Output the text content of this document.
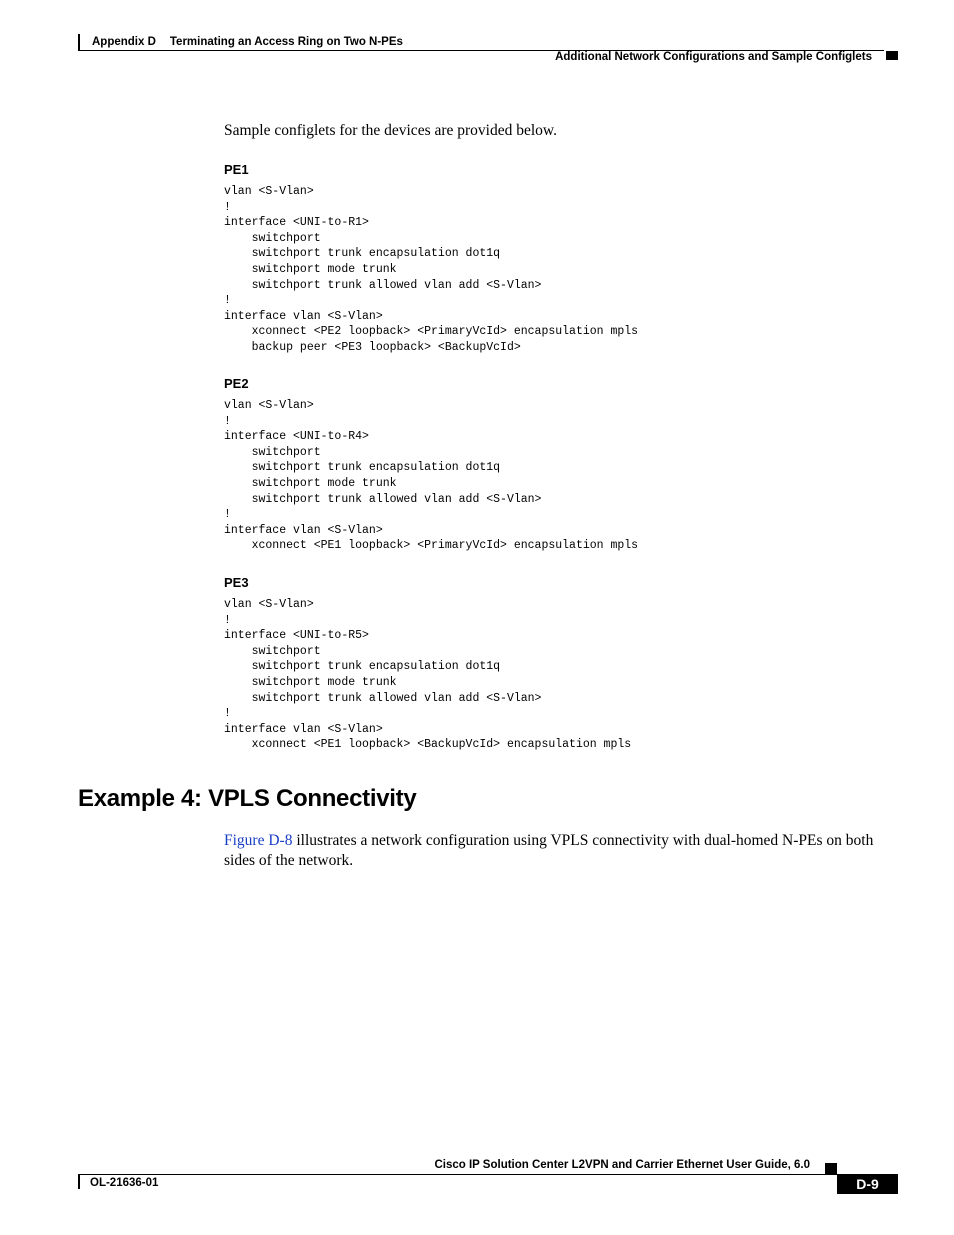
Appendix D Terminating an Access Ring on Two N-PEs
Additional Network Configurations and Sample Configlets
Sample configlets for the devices are provided below.
PE1
vlan <S-Vlan>
!
interface <UNI-to-R1>
switchport
switchport trunk encapsulation dot1q
switchport mode trunk
switchport trunk allowed vlan add <S-Vlan>
!
interface vlan <S-Vlan>
xconnect <PE2 loopback> <PrimaryVcId> encapsulation mpls
backup peer <PE3 loopback> <BackupVcId>
PE2
vlan <S-Vlan>
!
interface <UNI-to-R4>
switchport
switchport trunk encapsulation dot1q
switchport mode trunk
switchport trunk allowed vlan add <S-Vlan>
!
interface vlan <S-Vlan>
xconnect <PE1 loopback> <PrimaryVcId> encapsulation mpls
PE3
vlan <S-Vlan>
!
interface <UNI-to-R5>
switchport
switchport trunk encapsulation dot1q
switchport mode trunk
switchport trunk allowed vlan add <S-Vlan>
!
interface vlan <S-Vlan>
xconnect <PE1 loopback> <BackupVcId> encapsulation mpls
Example 4: VPLS Connectivity
Figure D-8 illustrates a network configuration using VPLS connectivity with dual-homed N-PEs on both sides of the network.
Cisco IP Solution Center L2VPN and Carrier Ethernet User Guide, 6.0
OL-21636-01	D-9
